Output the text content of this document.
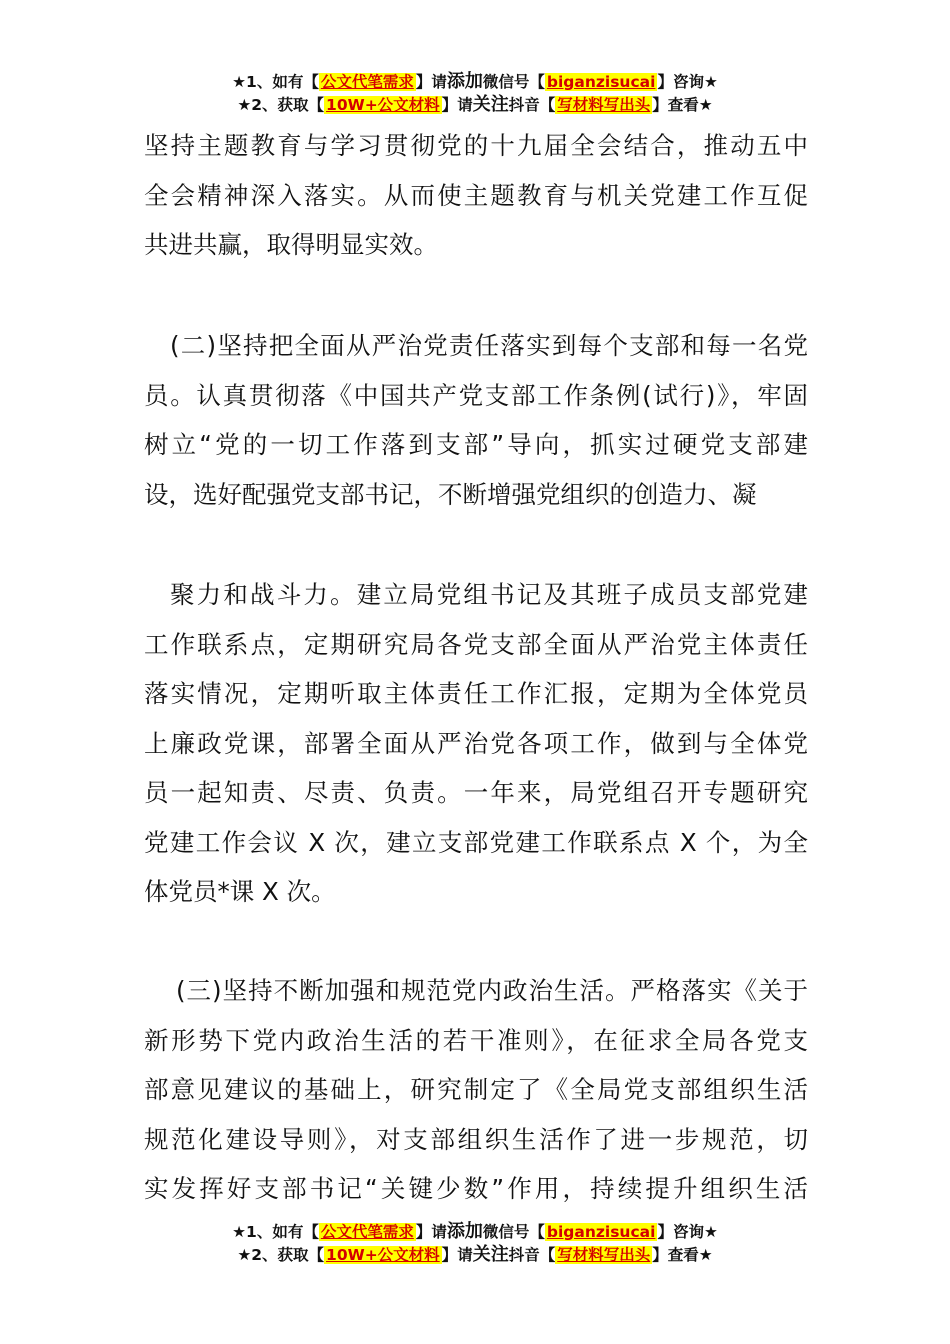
★1、如有【 公文代笔需求 】请添加微信号【 biganzisucai 】咨询★
★2、获取【 10W+公文材料 】请关注抖音【 写材料写出头 】查看★
坚持主题教育与学习贯彻党的十九届全会结合，推动五中
全会精神深入落实。从而使主题教育与机关党建工作互促
共进共赢，取得明显实效。
(二)坚持把全面从严治党责任落实到每个支部和每一名党
员。认真贯彻落《中国共产党支部工作条例(试行)》，牢固
树立“党的一切工作落到支部”导向，抓实过硬党支部建
设，选好配强党支部书记，不断增强党组织的创造力、凝
聚力和战斗力。建立局党组书记及其班子成员支部党建
工作联系点，定期研究局各党支部全面从严治党主体责任
落实情况，定期听取主体责任工作汇报，定期为全体党员
上廉政党课，部署全面从严治党各项工作，做到与全体党
员一起知责、尽责、负责。一年来，局党组召开专题研究
党建工作会议 X 次，建立支部党建工作联系点 X 个，为全
体党员*课 X 次。
(三)坚持不断加强和规范党内政治生活。严格落实《关于
新形势下党内政治生活的若干准则》，在征求全局各党支
部意见建议的基础上，研究制定了《全局党支部组织生活
规范化建设导则》，对支部组织生活作了进一步规范，切
实发挥好支部书记“关键少数”作用，持续提升组织生活
★1、如有【 公文代笔需求 】请添加微信号【 biganzisucai 】咨询★
★2、获取【 10W+公文材料 】请关注抖音【 写材料写出头 】查看★
